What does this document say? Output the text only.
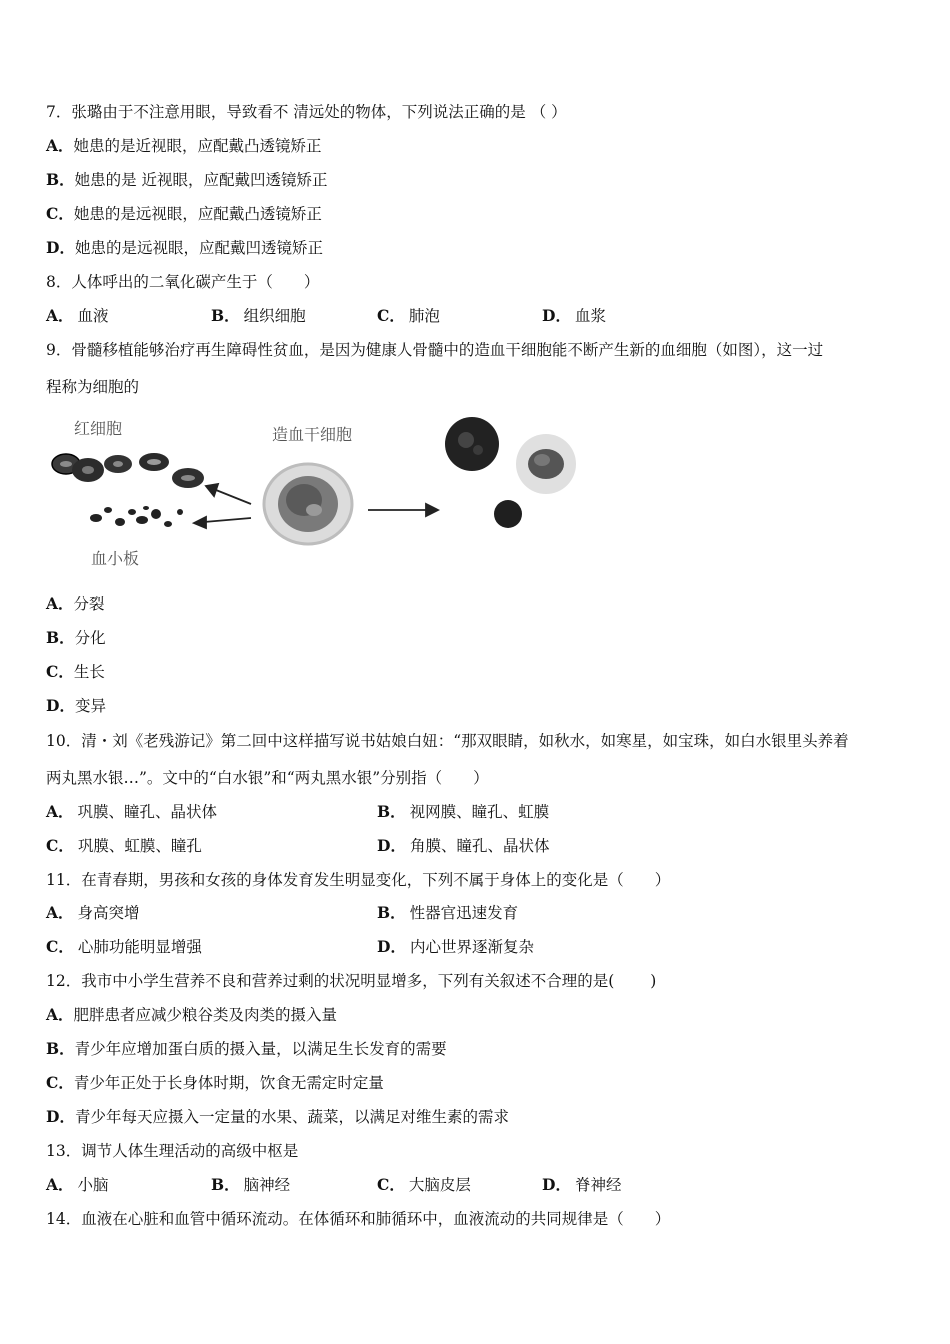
7．张璐由于不注意用眼，导致看不 清远处的物体，下列说法正确的是 （ ）
A．她患的是近视眼，应配戴凸透镜矫正
B．她患的是 近视眼，应配戴凹透镜矫正
C．她患的是远视眼，应配戴凸透镜矫正
D．她患的是远视眼，应配戴凹透镜矫正
8．人体呼出的二氧化碳产生于（　　）
A． 血液	B． 组织细胞	C． 肺泡	D． 血浆
9．骨髓移植能够治疗再生障碍性贫血，是因为健康人骨髓中的造血干细胞能不断产生新的血细胞（如图），这一过
程称为细胞的
红细胞	造血干细胞
血小板
A．分裂
B．分化
C．生长
D．变异
10．清・刘《老残游记》第二回中这样描写说书姑娘白妞：“那双眼睛，如秋水，如寒星，如宝珠，如白水银里头养着
两丸黑水银…”。文中的“白水银”和“两丸黑水银”分别指（　　）
A． 巩膜、瞳孔、晶状体	B． 视网膜、瞳孔、虹膜
C． 巩膜、虹膜、瞳孔	D． 角膜、瞳孔、晶状体
11．在青春期，男孩和女孩的身体发育发生明显变化，下列不属于身体上的变化是（　　）
A． 身高突增	B． 性器官迅速发育
C． 心肺功能明显增强	D． 内心世界逐渐复杂
12．我市中小学生营养不良和营养过剩的状况明显增多，下列有关叙述不合理的是(　　 )
A．肥胖患者应减少粮谷类及肉类的摄入量
B．青少年应增加蛋白质的摄入量，以满足生长发育的需要
C．青少年正处于长身体时期，饮食无需定时定量
D．青少年每天应摄入一定量的水果、蔬菜，以满足对维生素的需求
13．调节人体生理活动的高级中枢是
A． 小脑	B． 脑神经	C． 大脑皮层	D． 脊神经
14．血液在心脏和血管中循环流动。在体循环和肺循环中，血液流动的共同规律是（　　）
